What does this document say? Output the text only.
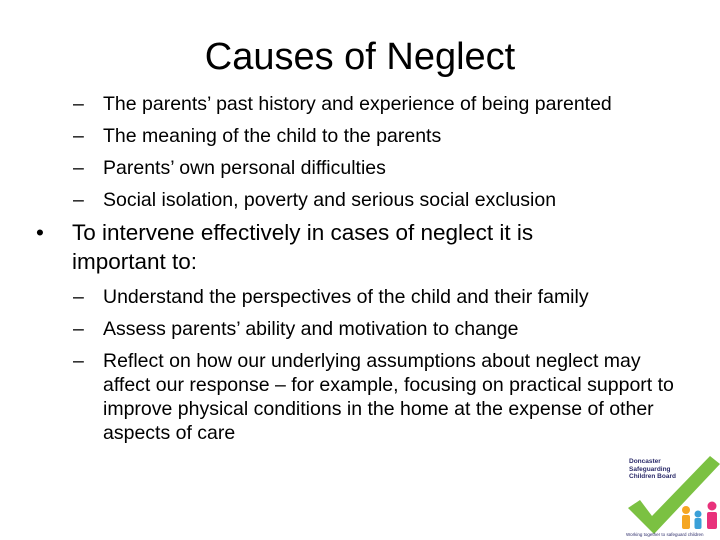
Causes of Neglect
– The parents’ past history and experience of being parented
– The meaning of the child to the parents
– Parents’ own personal difficulties
– Social isolation, poverty and serious social exclusion
• To intervene effectively in cases of neglect it is important to:
– Understand the perspectives of the child and their family
– Assess parents’ ability and motivation to change
– Reflect on how our underlying assumptions about neglect may affect our response – for example, focusing on practical support to improve physical conditions in the home at the expense of other aspects of care
Doncaster Safeguarding Children Board
Working together to safeguard children
